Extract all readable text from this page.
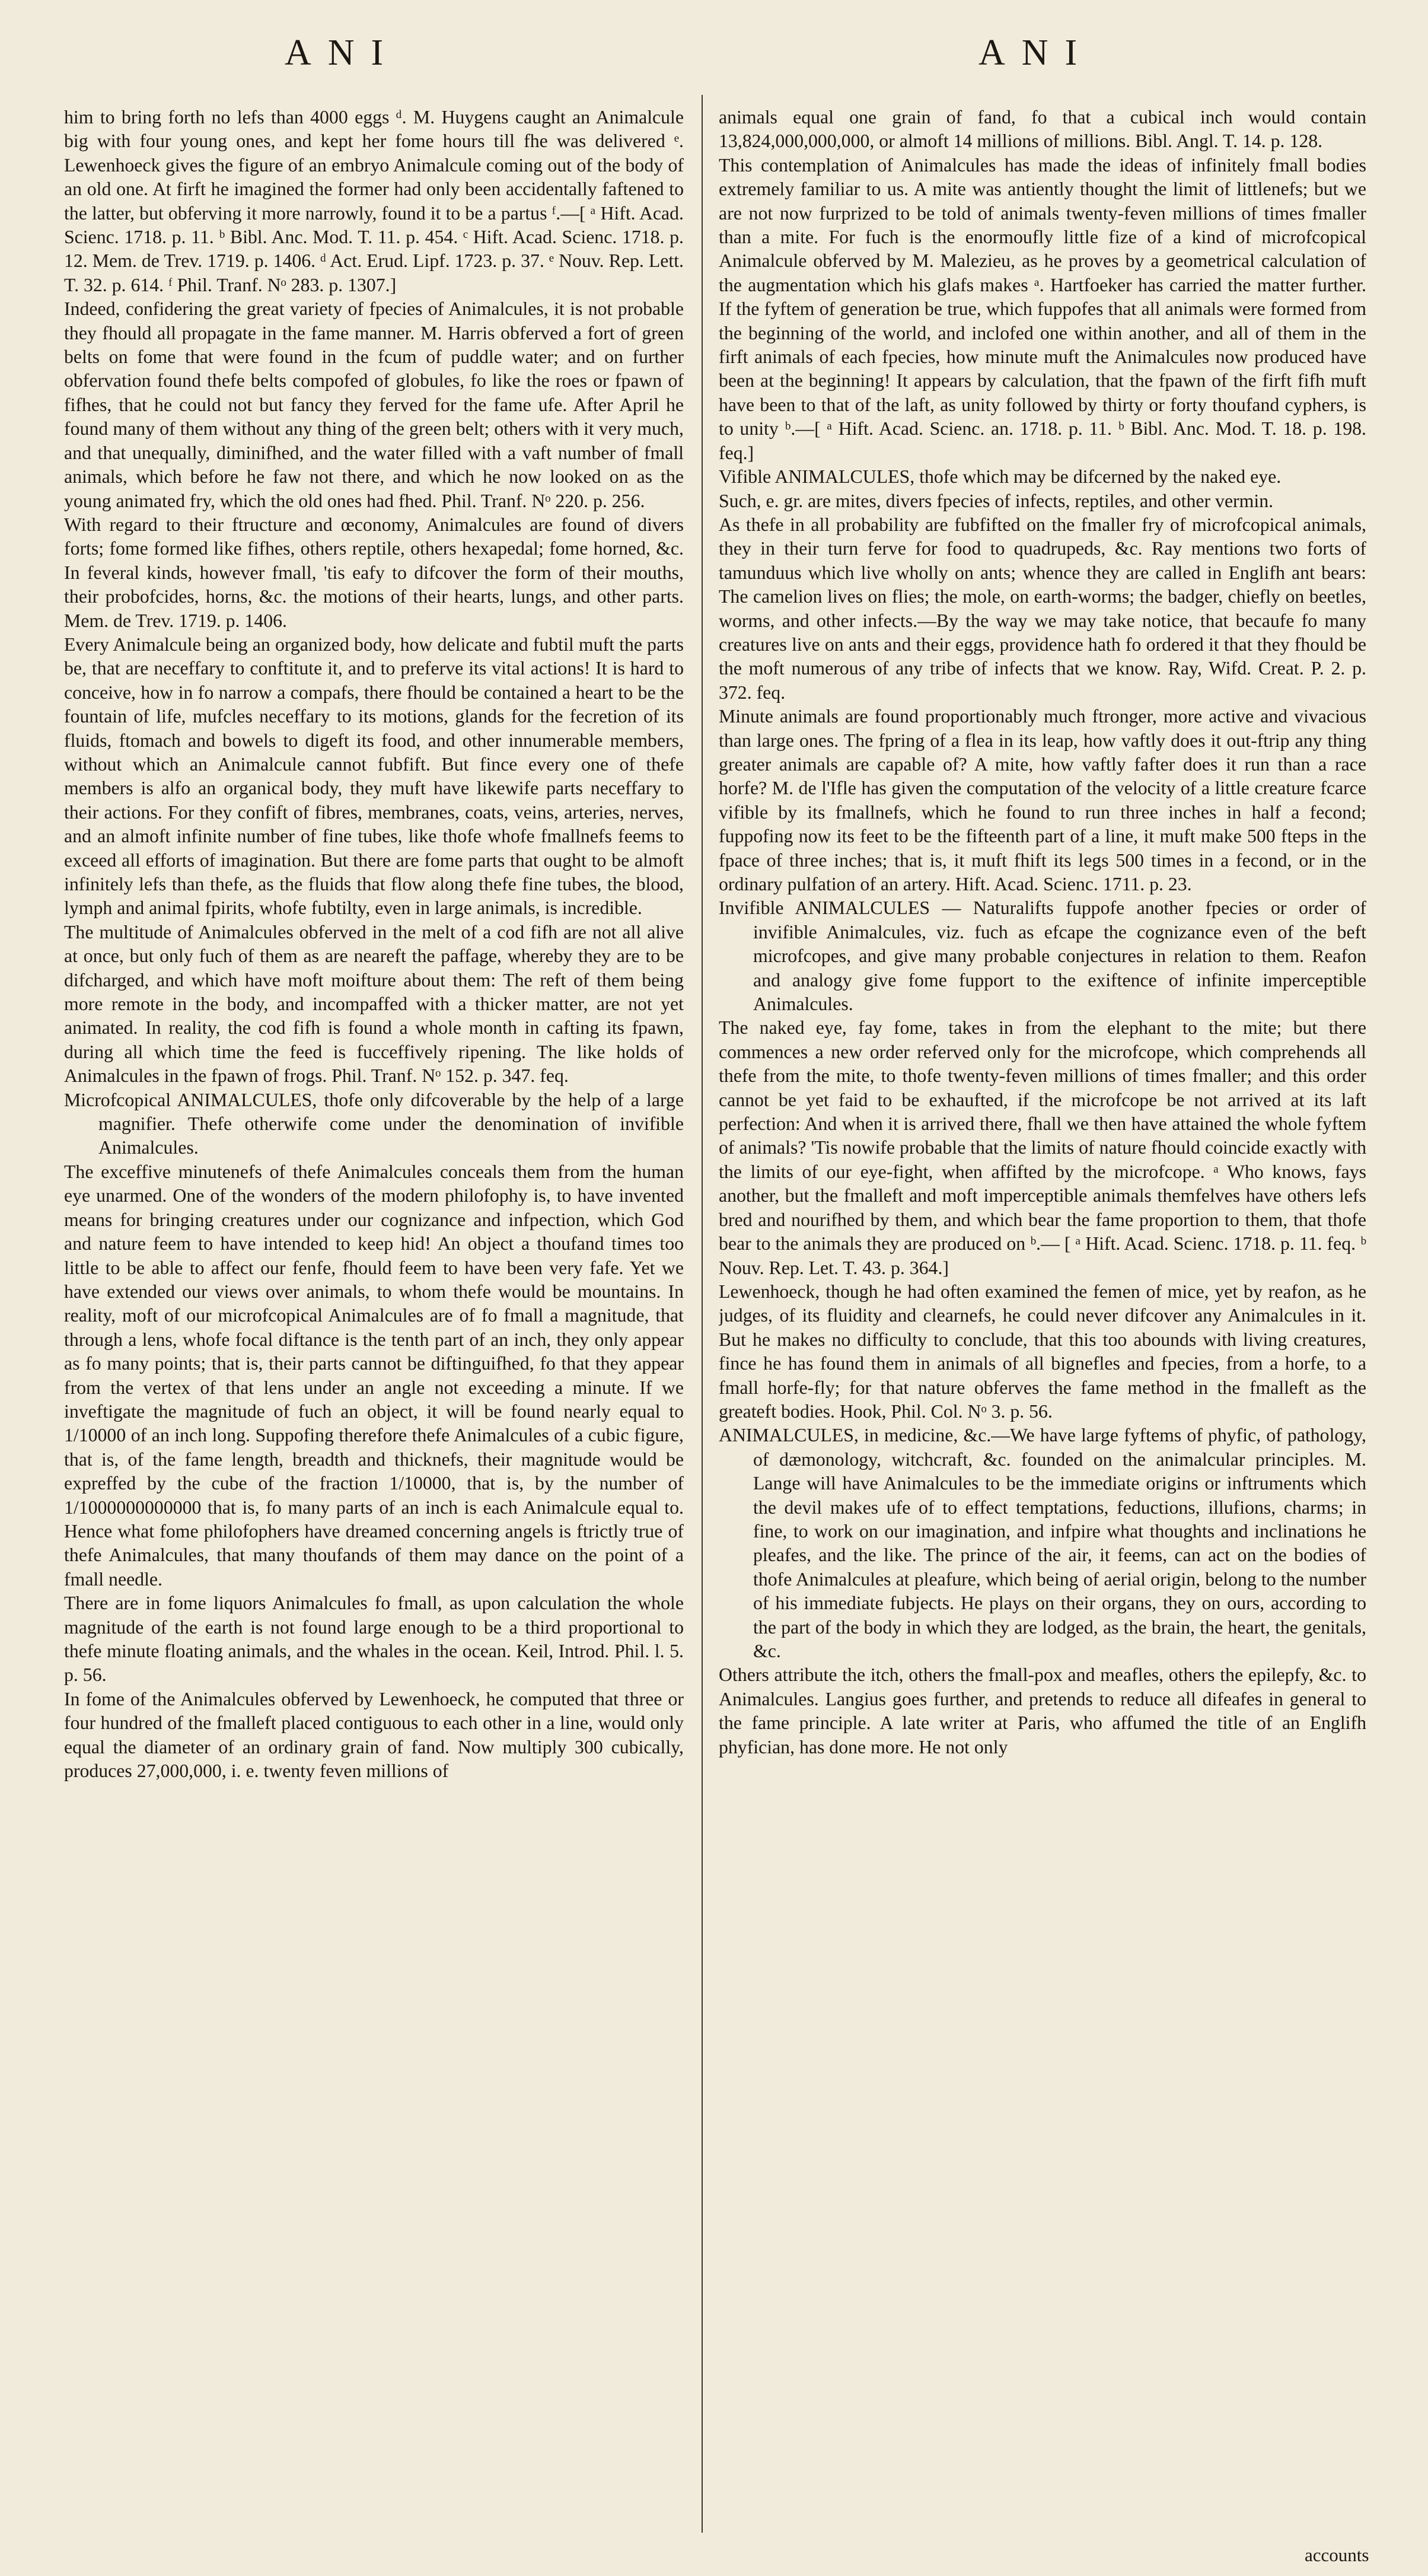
ANI	ANI

him to bring forth no lefs than 4000 eggs ᵈ. M. Huygens caught an Animalcule big with four young ones, and kept her fome hours till fhe was delivered ᵉ. Lewenhoeck gives the figure of an embryo Animalcule coming out of the body of an old one. At firft he imagined the former had only been accidentally faftened to the latter, but obferving it more narrowly, found it to be a partus ᶠ.—[ ᵃ Hift. Acad. Scienc. 1718. p. 11. ᵇ Bibl. Anc. Mod. T. 11. p. 454. ᶜ Hift. Acad. Scienc. 1718. p. 12. Mem. de Trev. 1719. p. 1406. ᵈ Act. Erud. Lipf. 1723. p. 37. ᵉ Nouv. Rep. Lett. T. 32. p. 614. ᶠ Phil. Tranf. Nᵒ 283. p. 1307.]

Indeed, confidering the great variety of fpecies of Animalcules, it is not probable they fhould all propagate in the fame manner. M. Harris obferved a fort of green belts on fome that were found in the fcum of puddle water; and on further obfervation found thefe belts compofed of globules, fo like the roes or fpawn of fifhes, that he could not but fancy they ferved for the fame ufe. After April he found many of them without any thing of the green belt; others with it very much, and that unequally, diminifhed, and the water filled with a vaft number of fmall animals, which before he faw not there, and which he now looked on as the young animated fry, which the old ones had fhed. Phil. Tranf. Nᵒ 220. p. 256.

With regard to their ftructure and œconomy, Animalcules are found of divers forts; fome formed like fifhes, others reptile, others hexapedal; fome horned, &c. In feveral kinds, however fmall, 'tis eafy to difcover the form of their mouths, their probofcides, horns, &c. the motions of their hearts, lungs, and other parts. Mem. de Trev. 1719. p. 1406.

Every Animalcule being an organized body, how delicate and fubtil muft the parts be, that are neceffary to conftitute it, and to preferve its vital actions! It is hard to conceive, how in fo narrow a compafs, there fhould be contained a heart to be the fountain of life, mufcles neceffary to its motions, glands for the fecretion of its fluids, ftomach and bowels to digeft its food, and other innumerable members, without which an Animalcule cannot fubfift. But fince every one of thefe members is alfo an organical body, they muft have likewife parts neceffary to their actions. For they confift of fibres, membranes, coats, veins, arteries, nerves, and an almoft infinite number of fine tubes, like thofe whofe fmallnefs feems to exceed all efforts of imagination. But there are fome parts that ought to be almoft infinitely lefs than thefe, as the fluids that flow along thefe fine tubes, the blood, lymph and animal fpirits, whofe fubtilty, even in large animals, is incredible.

The multitude of Animalcules obferved in the melt of a cod fifh are not all alive at once, but only fuch of them as are neareft the paffage, whereby they are to be difcharged, and which have moft moifture about them: The reft of them being more remote in the body, and incompaffed with a thicker matter, are not yet animated. In reality, the cod fifh is found a whole month in cafting its fpawn, during all which time the feed is fucceffively ripening. The like holds of Animalcules in the fpawn of frogs. Phil. Tranf. Nᵒ 152. p. 347. feq.

Microfcopical ANIMALCULES, thofe only difcoverable by the help of a large magnifier. Thefe otherwife come under the denomination of invifible Animalcules.

The exceffive minutenefs of thefe Animalcules conceals them from the human eye unarmed. One of the wonders of the modern philofophy is, to have invented means for bringing creatures under our cognizance and infpection, which God and nature feem to have intended to keep hid! An object a thoufand times too little to be able to affect our fenfe, fhould feem to have been very fafe. Yet we have extended our views over animals, to whom thefe would be mountains. In reality, moft of our microfcopical Animalcules are of fo fmall a magnitude, that through a lens, whofe focal diftance is the tenth part of an inch, they only appear as fo many points; that is, their parts cannot be diftinguifhed, fo that they appear from the vertex of that lens under an angle not exceeding a minute. If we inveftigate the magnitude of fuch an object, it will be found nearly equal to 1/10000 of an inch long. Suppofing therefore thefe Animalcules of a cubic figure, that is, of the fame length, breadth and thicknefs, their magnitude would be expreffed by the cube of the fraction 1/10000, that is, by the number of 1/1000000000000 that is, fo many parts of an inch is each Animalcule equal to. Hence what fome philofophers have dreamed concerning angels is ftrictly true of thefe Animalcules, that many thoufands of them may dance on the point of a fmall needle.

There are in fome liquors Animalcules fo fmall, as upon calculation the whole magnitude of the earth is not found large enough to be a third proportional to thefe minute floating animals, and the whales in the ocean. Keil, Introd. Phil. l. 5. p. 56.

In fome of the Animalcules obferved by Lewenhoeck, he computed that three or four hundred of the fmalleft placed contiguous to each other in a line, would only equal the diameter of an ordinary grain of fand. Now multiply 300 cubically, produces 27,000,000, i. e. twenty feven millions of

animals equal one grain of fand, fo that a cubical inch would contain 13,824,000,000,000, or almoft 14 millions of millions. Bibl. Angl. T. 14. p. 128.

This contemplation of Animalcules has made the ideas of infinitely fmall bodies extremely familiar to us. A mite was antiently thought the limit of littlenefs; but we are not now furprized to be told of animals twenty-feven millions of times fmaller than a mite. For fuch is the enormoufly little fize of a kind of microfcopical Animalcule obferved by M. Malezieu, as he proves by a geometrical calculation of the augmentation which his glafs makes ᵃ. Hartfoeker has carried the matter further. If the fyftem of generation be true, which fuppofes that all animals were formed from the beginning of the world, and inclofed one within another, and all of them in the firft animals of each fpecies, how minute muft the Animalcules now produced have been at the beginning! It appears by calculation, that the fpawn of the firft fifh muft have been to that of the laft, as unity followed by thirty or forty thoufand cyphers, is to unity ᵇ.—[ ᵃ Hift. Acad. Scienc. an. 1718. p. 11. ᵇ Bibl. Anc. Mod. T. 18. p. 198. feq.]

Vifible ANIMALCULES, thofe which may be difcerned by the naked eye.

Such, e. gr. are mites, divers fpecies of infects, reptiles, and other vermin.

As thefe in all probability are fubfifted on the fmaller fry of microfcopical animals, they in their turn ferve for food to quadrupeds, &c. Ray mentions two forts of tamunduus which live wholly on ants; whence they are called in Englifh ant bears: The camelion lives on flies; the mole, on earth-worms; the badger, chiefly on beetles, worms, and other infects.—By the way we may take notice, that becaufe fo many creatures live on ants and their eggs, providence hath fo ordered it that they fhould be the moft numerous of any tribe of infects that we know. Ray, Wifd. Creat. P. 2. p. 372. feq.

Minute animals are found proportionably much ftronger, more active and vivacious than large ones. The fpring of a flea in its leap, how vaftly does it out-ftrip any thing greater animals are capable of? A mite, how vaftly fafter does it run than a race horfe? M. de l'Ifle has given the computation of the velocity of a little creature fcarce vifible by its fmallnefs, which he found to run three inches in half a fecond; fuppofing now its feet to be the fifteenth part of a line, it muft make 500 fteps in the fpace of three inches; that is, it muft fhift its legs 500 times in a fecond, or in the ordinary pulfation of an artery. Hift. Acad. Scienc. 1711. p. 23.

Invifible ANIMALCULES — Naturalifts fuppofe another fpecies or order of invifible Animalcules, viz. fuch as efcape the cognizance even of the beft microfcopes, and give many probable conjectures in relation to them. Reafon and analogy give fome fupport to the exiftence of infinite imperceptible Animalcules.

The naked eye, fay fome, takes in from the elephant to the mite; but there commences a new order referved only for the microfcope, which comprehends all thefe from the mite, to thofe twenty-feven millions of times fmaller; and this order cannot be yet faid to be exhaufted, if the microfcope be not arrived at its laft perfection: And when it is arrived there, fhall we then have attained the whole fyftem of animals? 'Tis nowife probable that the limits of nature fhould coincide exactly with the limits of our eye-fight, when affifted by the microfcope. ᵃ Who knows, fays another, but the fmalleft and moft imperceptible animals themfelves have others lefs bred and nourifhed by them, and which bear the fame proportion to them, that thofe bear to the animals they are produced on ᵇ.— [ ᵃ Hift. Acad. Scienc. 1718. p. 11. feq. ᵇ Nouv. Rep. Let. T. 43. p. 364.]

Lewenhoeck, though he had often examined the femen of mice, yet by reafon, as he judges, of its fluidity and clearnefs, he could never difcover any Animalcules in it. But he makes no difficulty to conclude, that this too abounds with living creatures, fince he has found them in animals of all bignefles and fpecies, from a horfe, to a fmall horfe-fly; for that nature obferves the fame method in the fmalleft as the greateft bodies. Hook, Phil. Col. Nᵒ 3. p. 56.

ANIMALCULES, in medicine, &c.—We have large fyftems of phyfic, of pathology, of dæmonology, witchcraft, &c. founded on the animalcular principles. M. Lange will have Animalcules to be the immediate origins or inftruments which the devil makes ufe of to effect temptations, feductions, illufions, charms; in fine, to work on our imagination, and infpire what thoughts and inclinations he pleafes, and the like. The prince of the air, it feems, can act on the bodies of thofe Animalcules at pleafure, which being of aerial origin, belong to the number of his immediate fubjects. He plays on their organs, they on ours, according to the part of the body in which they are lodged, as the brain, the heart, the genitals, &c.

Others attribute the itch, others the fmall-pox and meafles, others the epilepfy, &c. to Animalcules. Langius goes further, and pretends to reduce all difeafes in general to the fame principle. A late writer at Paris, who affumed the title of an Englifh phyfician, has done more. He not only

accounts
